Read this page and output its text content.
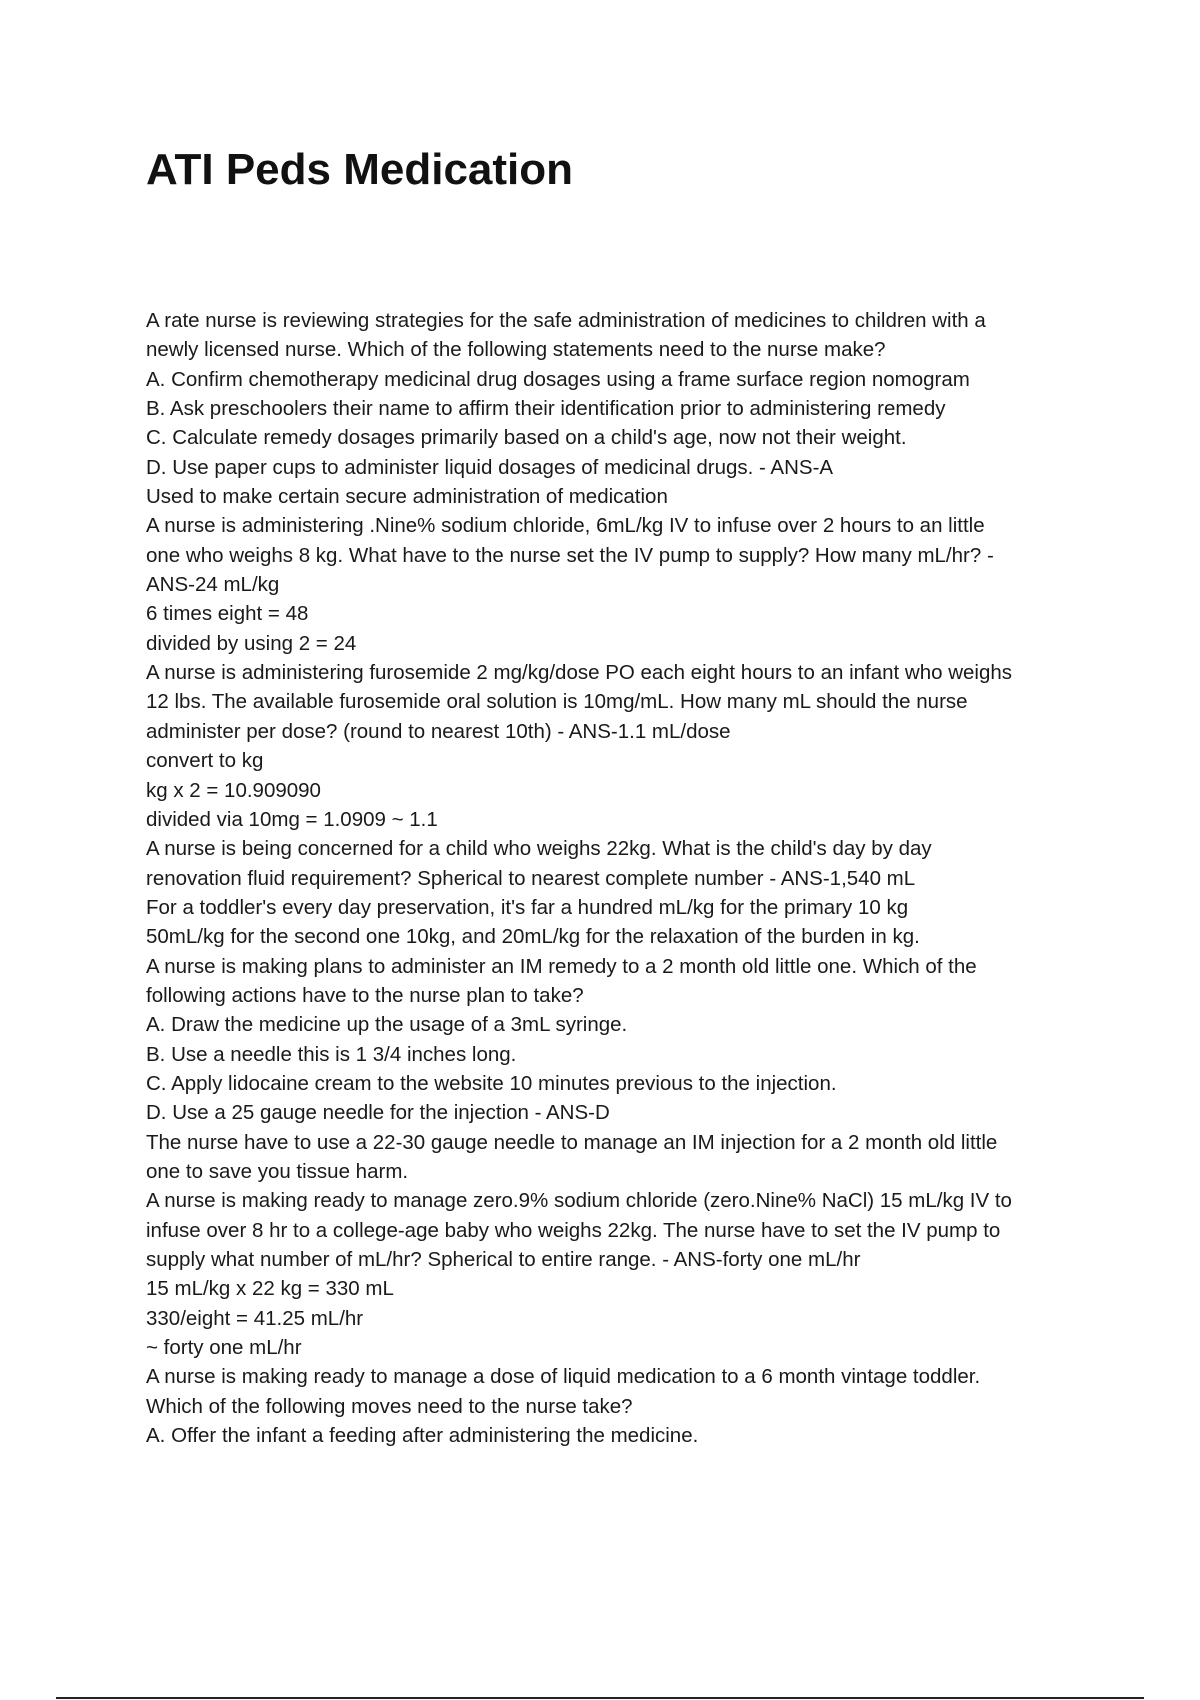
ATI Peds Medication
A rate nurse is reviewing strategies for the safe administration of medicines to children with a
newly licensed nurse. Which of the following statements need to the nurse make?
A. Confirm chemotherapy medicinal drug dosages using a frame surface region nomogram
B. Ask preschoolers their name to affirm their identification prior to administering remedy
C. Calculate remedy dosages primarily based on a child's age, now not their weight.
D. Use paper cups to administer liquid dosages of medicinal drugs. - ANS-A
Used to make certain secure administration of medication
A nurse is administering .Nine% sodium chloride, 6mL/kg IV to infuse over 2 hours to an little
one who weighs 8 kg. What have to the nurse set the IV pump to supply? How many mL/hr? -
ANS-24 mL/kg
6 times eight = 48
divided by using 2 = 24
A nurse is administering furosemide 2 mg/kg/dose PO each eight hours to an infant who weighs
12 lbs. The available furosemide oral solution is 10mg/mL. How many mL should the nurse
administer per dose? (round to nearest 10th) - ANS-1.1 mL/dose
convert to kg
kg x 2 = 10.909090
divided via 10mg = 1.0909 ~ 1.1
A nurse is being concerned for a child who weighs 22kg. What is the child's day by day
renovation fluid requirement? Spherical to nearest complete number - ANS-1,540 mL
For a toddler's every day preservation, it's far a hundred mL/kg for the primary 10 kg
50mL/kg for the second one 10kg, and 20mL/kg for the relaxation of the burden in kg.
A nurse is making plans to administer an IM remedy to a 2 month old little one. Which of the
following actions have to the nurse plan to take?
A. Draw the medicine up the usage of a 3mL syringe.
B. Use a needle this is 1 3/4 inches long.
C. Apply lidocaine cream to the website 10 minutes previous to the injection.
D. Use a 25 gauge needle for the injection - ANS-D
The nurse have to use a 22-30 gauge needle to manage an IM injection for a 2 month old little
one to save you tissue harm.
A nurse is making ready to manage zero.9% sodium chloride (zero.Nine% NaCl) 15 mL/kg IV to
infuse over 8 hr to a college-age baby who weighs 22kg. The nurse have to set the IV pump to
supply what number of mL/hr? Spherical to entire range. - ANS-forty one mL/hr
15 mL/kg x 22 kg = 330 mL
330/eight = 41.25 mL/hr
~ forty one mL/hr
A nurse is making ready to manage a dose of liquid medication to a 6 month vintage toddler.
Which of the following moves need to the nurse take?
A. Offer the infant a feeding after administering the medicine.
